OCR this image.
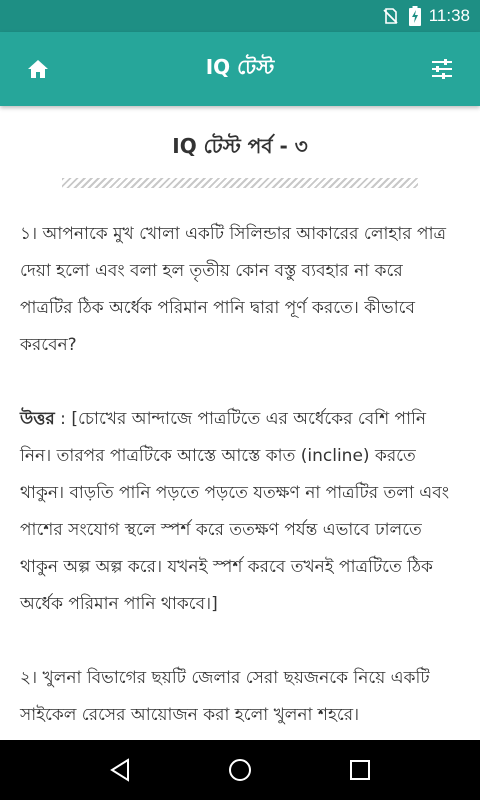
11:38
IQ টেস্ট
IQ টেস্ট পর্ব - ৩

১। আপনাকে মুখ খোলা একটি সিলিন্ডার আকারের লোহার পাত্র দেয়া হলো এবং বলা হল তৃতীয় কোন বস্তু ব্যবহার না করে পাত্রটির ঠিক অর্ধেক পরিমান পানি দ্বারা পূর্ণ করতে। কীভাবে করবেন?

উত্তর : [চোখের আন্দাজে পাত্রটিতে এর অর্ধেকের বেশি পানি নিন। তারপর পাত্রটিকে আস্তে আস্তে কাত (incline) করতে থাকুন। বাড়তি পানি পড়তে পড়তে যতক্ষণ না পাত্রটির তলা এবং পাশের সংযোগ স্থলে স্পর্শ করে ততক্ষণ পর্যন্ত এভাবে ঢালতে থাকুন অল্প অল্প করে। যখনই স্পর্শ করবে তখনই পাত্রটিতে ঠিক অর্ধেক পরিমান পানি থাকবে।]

২। খুলনা বিভাগের ছয়টি জেলার সেরা ছয়জনকে নিয়ে একটি সাইকেল রেসের আয়োজন করা হলো খুলনা শহরে।
